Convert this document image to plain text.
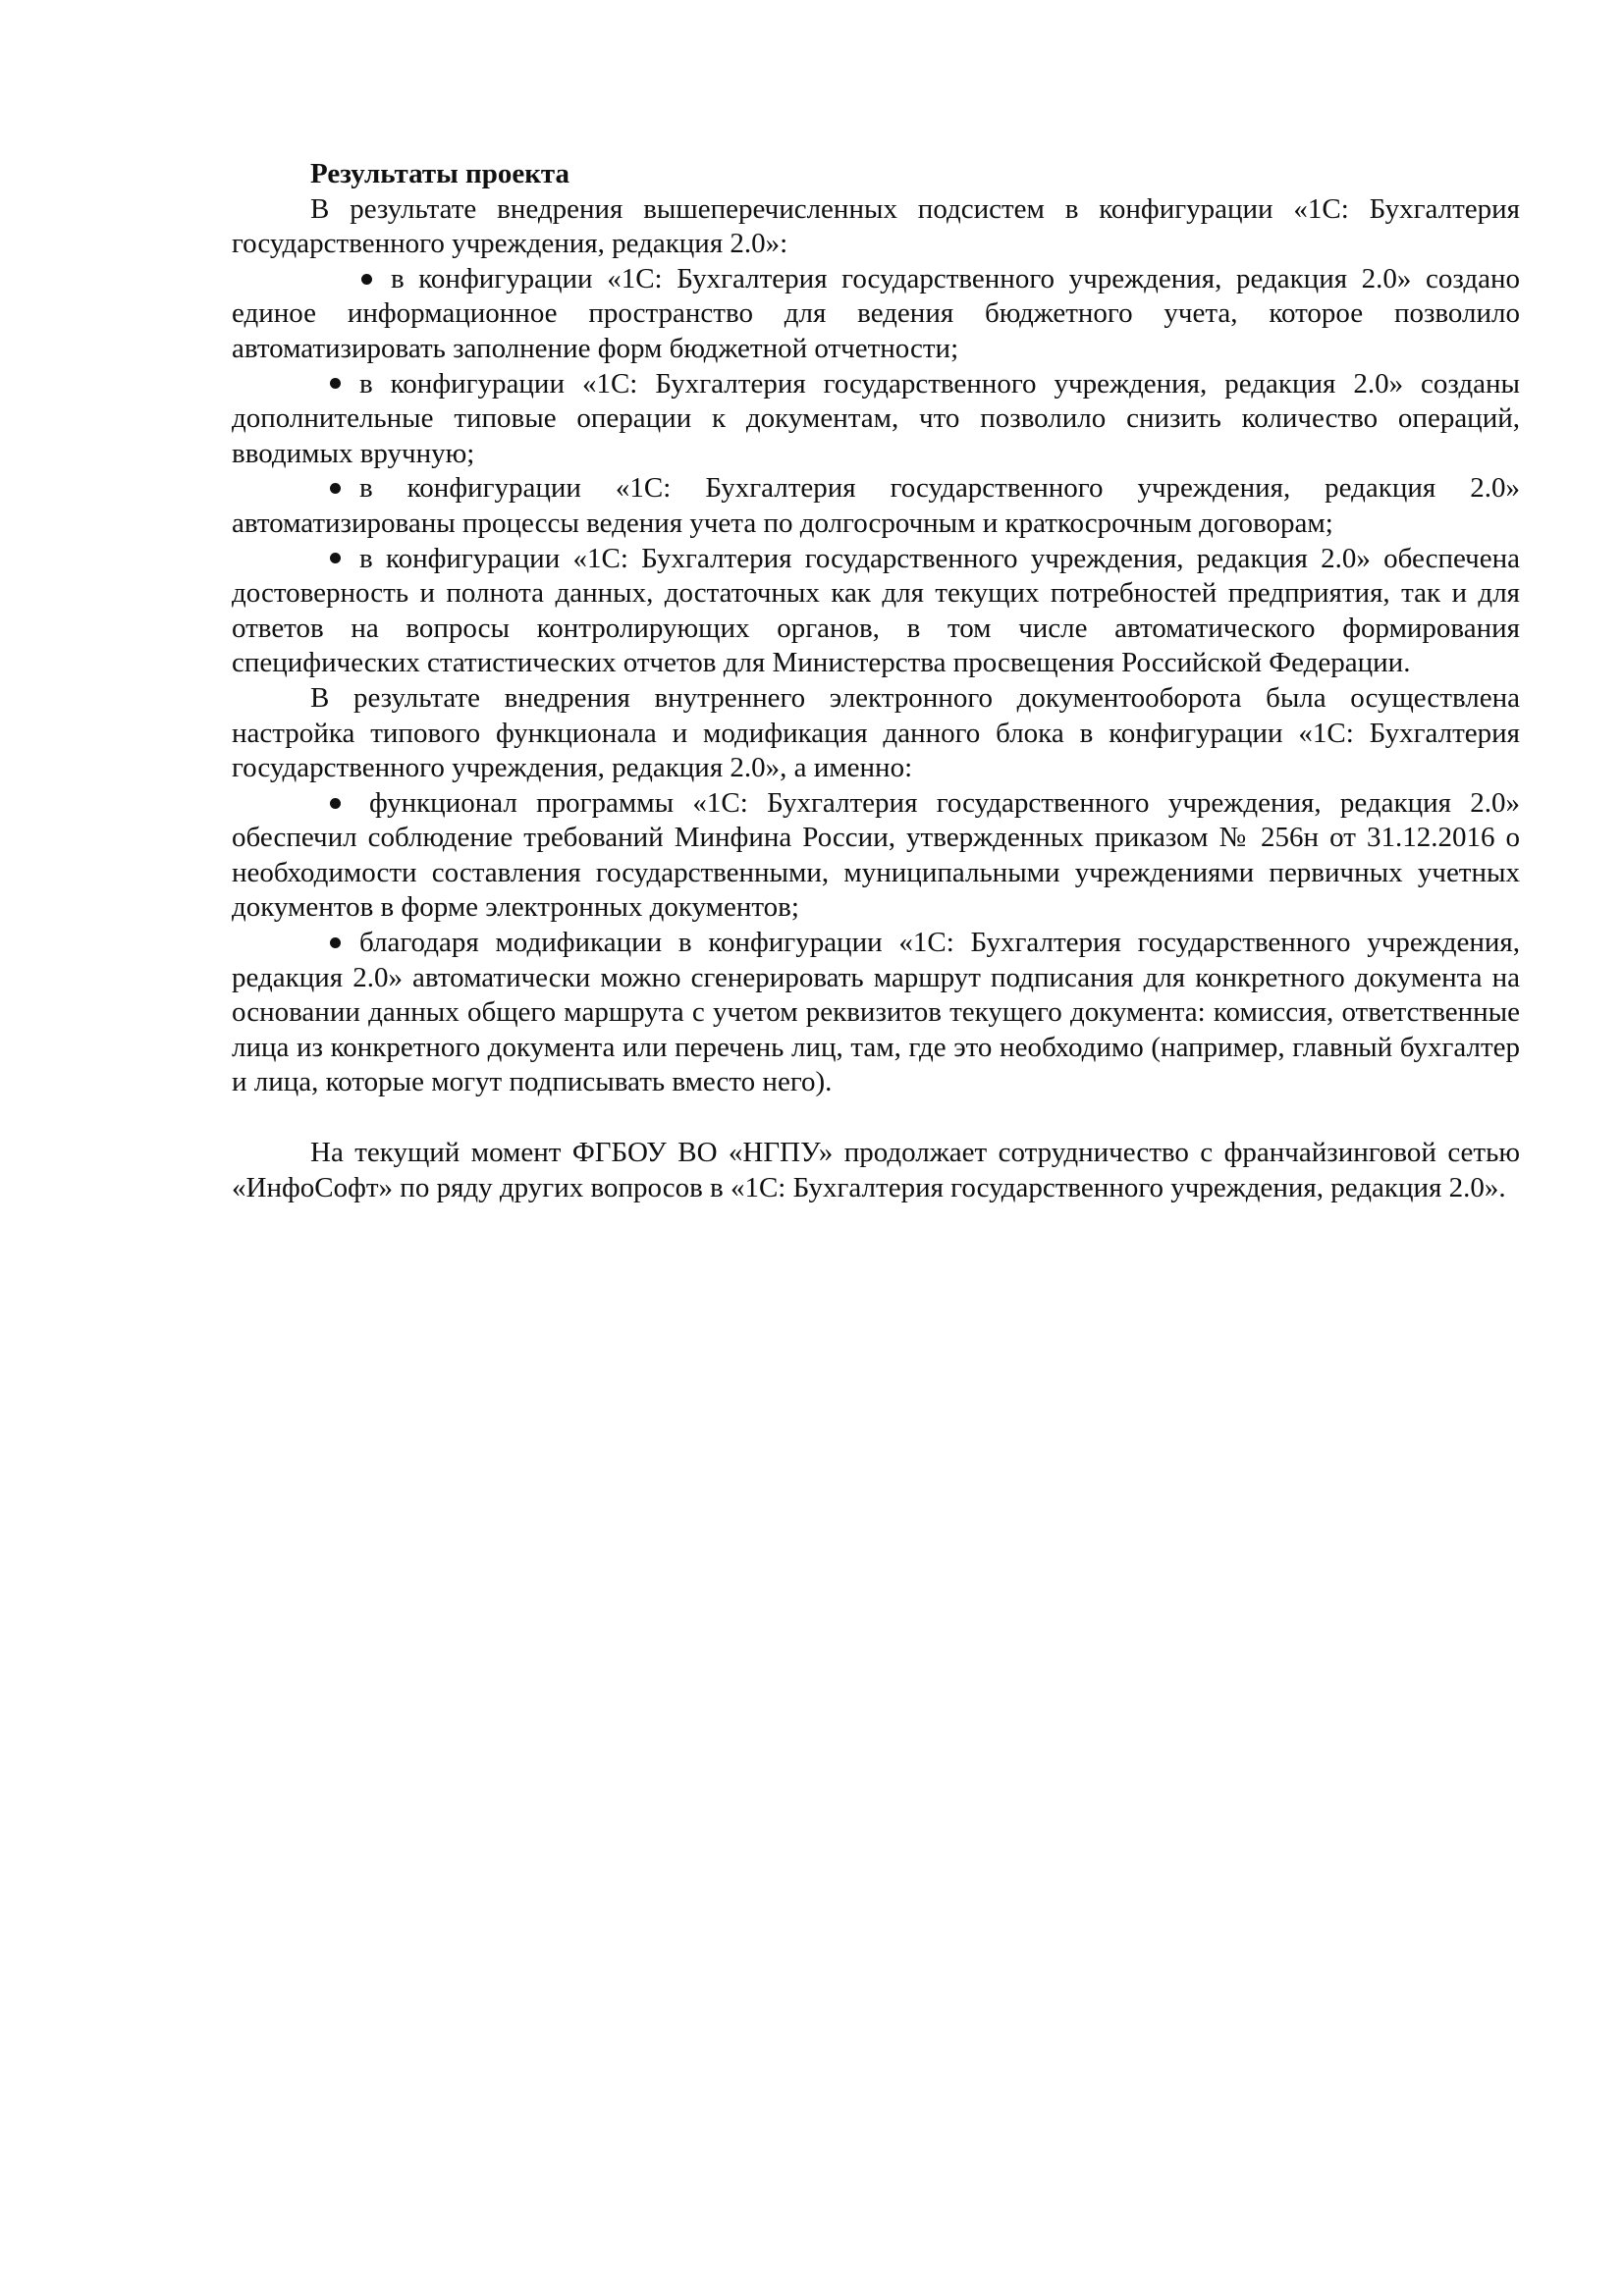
Результаты проекта

В результате внедрения вышеперечисленных подсистем в конфигурации «1С: Бухгалтерия государственного учреждения, редакция 2.0»:

в конфигурации «1С: Бухгалтерия государственного учреждения, редакция 2.0» создано единое информационное пространство для ведения бюджетного учета, которое позволило автоматизировать заполнение форм бюджетной отчетности;

в конфигурации «1С: Бухгалтерия государственного учреждения, редакция 2.0» созданы дополнительные типовые операции к документам, что позволило снизить количество операций, вводимых вручную;

в конфигурации «1С: Бухгалтерия государственного учреждения, редакция 2.0» автоматизированы процессы ведения учета по долгосрочным и краткосрочным договорам;

в конфигурации «1С: Бухгалтерия государственного учреждения, редакция 2.0» обеспечена достоверность и полнота данных, достаточных как для текущих потребностей предприятия, так и для ответов на вопросы контролирующих органов, в том числе автоматического формирования специфических статистических отчетов для Министерства просвещения Российской Федерации.

В результате внедрения внутреннего электронного документооборота была осуществлена настройка типового функционала и модификация данного блока в конфигурации «1С: Бухгалтерия государственного учреждения, редакция 2.0», а именно:

функционал программы «1С: Бухгалтерия государственного учреждения, редакция 2.0» обеспечил соблюдение требований Минфина России, утвержденных приказом № 256н от 31.12.2016 о необходимости составления государственными, муниципальными учреждениями первичных учетных документов в форме электронных документов;

благодаря модификации в конфигурации «1С: Бухгалтерия государственного учреждения, редакция 2.0» автоматически можно сгенерировать маршрут подписания для конкретного документа на основании данных общего маршрута с учетом реквизитов текущего документа: комиссия, ответственные лица из конкретного документа или перечень лиц, там, где это необходимо (например, главный бухгалтер и лица, которые могут подписывать вместо него).

На текущий момент ФГБОУ ВО «НГПУ» продолжает сотрудничество с франчайзинговой сетью «ИнфоСофт» по ряду других вопросов в «1С: Бухгалтерия государственного учреждения, редакция 2.0».
